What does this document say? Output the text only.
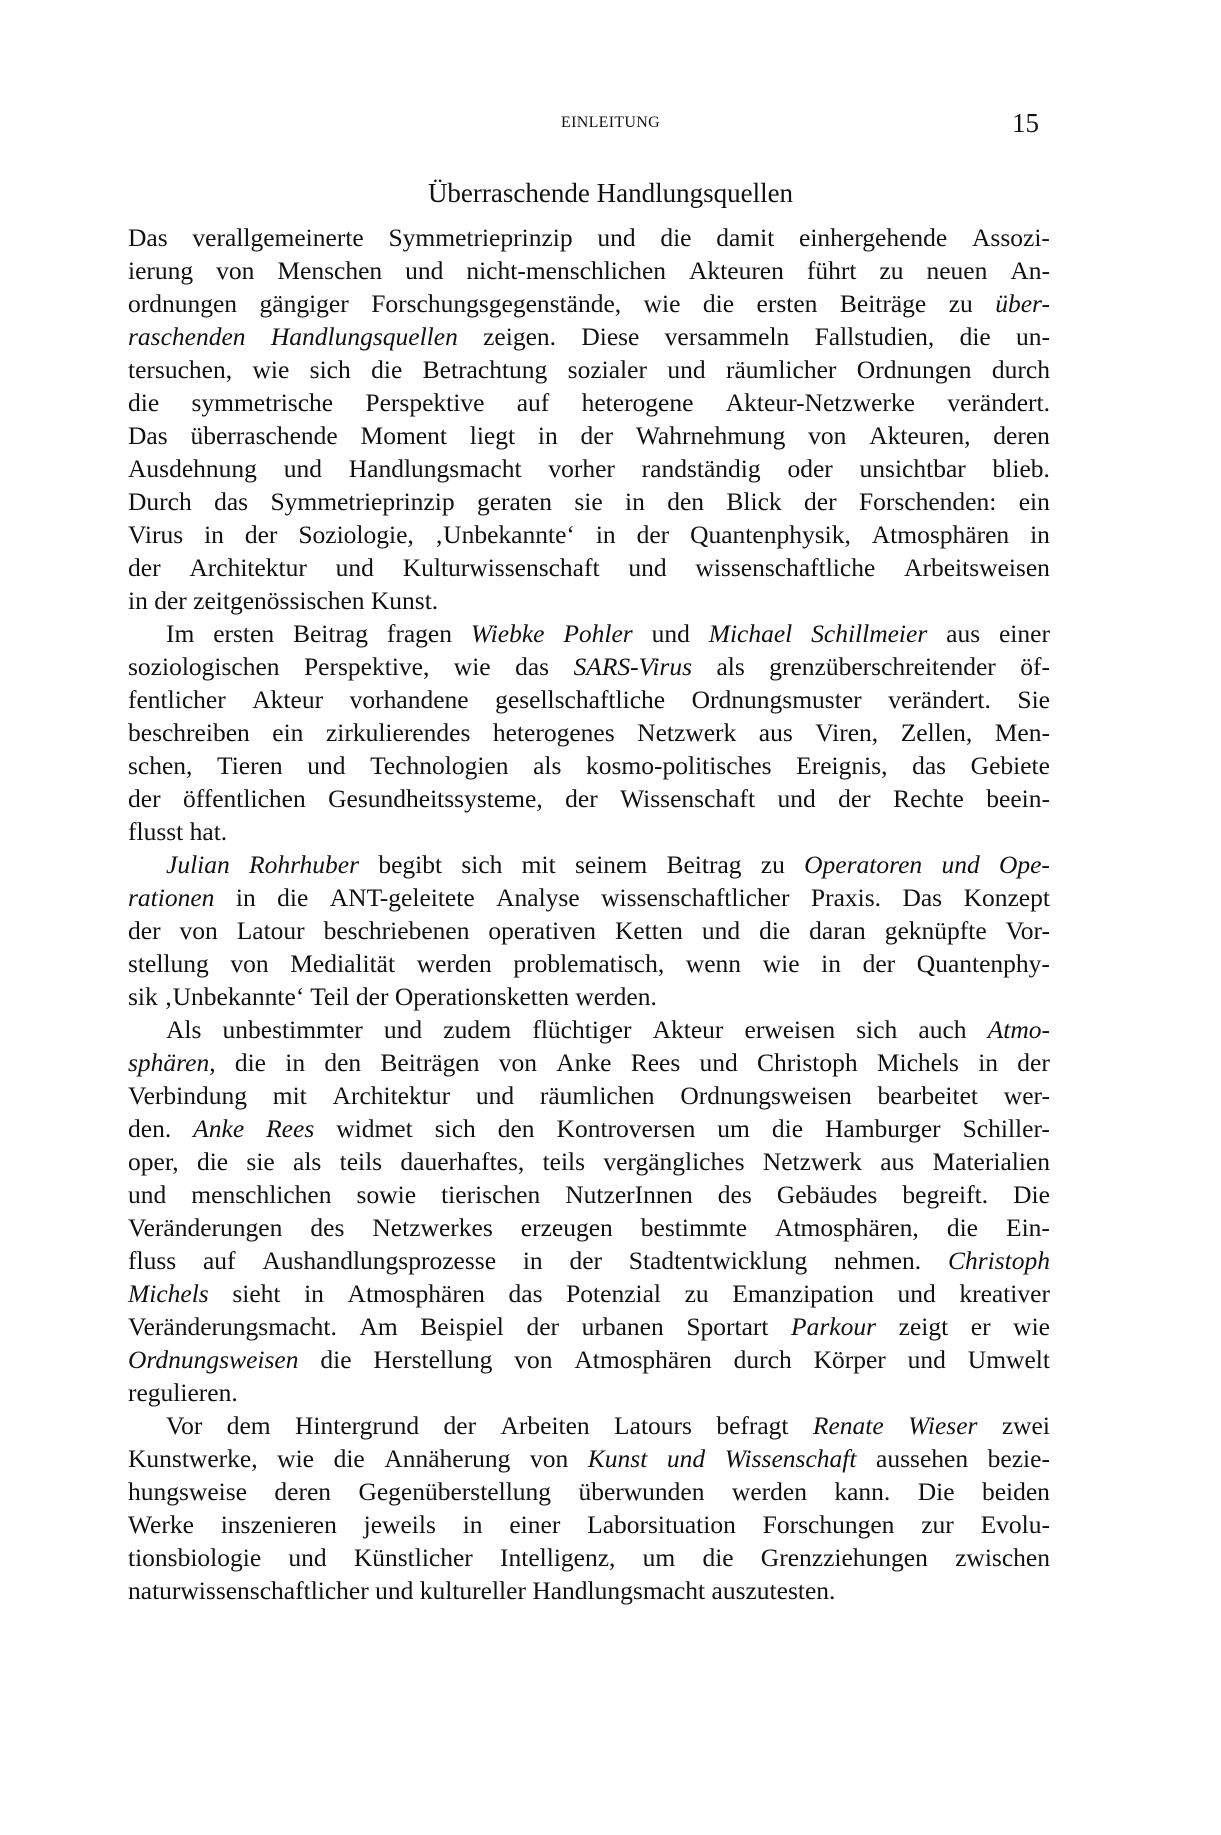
EINLEITUNG	15
Überraschende Handlungsquellen
Das verallgemeinerte Symmetrieprinzip und die damit einhergehende Assozi-
ierung von Menschen und nicht-menschlichen Akteuren führt zu neuen An-
ordnungen gängiger Forschungsgegenstände, wie die ersten Beiträge zu über-
raschenden Handlungsquellen zeigen. Diese versammeln Fallstudien, die un-
tersuchen, wie sich die Betrachtung sozialer und räumlicher Ordnungen durch
die symmetrische Perspektive auf heterogene Akteur-Netzwerke verändert.
Das überraschende Moment liegt in der Wahrnehmung von Akteuren, deren
Ausdehnung und Handlungsmacht vorher randständig oder unsichtbar blieb.
Durch das Symmetrieprinzip geraten sie in den Blick der Forschenden: ein
Virus in der Soziologie, ‚Unbekannte‘ in der Quantenphysik, Atmosphären in
der Architektur und Kulturwissenschaft und wissenschaftliche Arbeitsweisen
in der zeitgenössischen Kunst.
Im ersten Beitrag fragen Wiebke Pohler und Michael Schillmeier aus einer
soziologischen Perspektive, wie das SARS-Virus als grenzüberschreitender öf-
fentlicher Akteur vorhandene gesellschaftliche Ordnungsmuster verändert. Sie
beschreiben ein zirkulierendes heterogenes Netzwerk aus Viren, Zellen, Men-
schen, Tieren und Technologien als kosmo-politisches Ereignis, das Gebiete
der öffentlichen Gesundheitssysteme, der Wissenschaft und der Rechte beein-
flusst hat.
Julian Rohrhuber begibt sich mit seinem Beitrag zu Operatoren und Ope-
rationen in die ANT-geleitete Analyse wissenschaftlicher Praxis. Das Konzept
der von Latour beschriebenen operativen Ketten und die daran geknüpfte Vor-
stellung von Medialität werden problematisch, wenn wie in der Quantenphy-
sik ‚Unbekannte‘ Teil der Operationsketten werden.
Als unbestimmter und zudem flüchtiger Akteur erweisen sich auch Atmo-
sphären, die in den Beiträgen von Anke Rees und Christoph Michels in der
Verbindung mit Architektur und räumlichen Ordnungsweisen bearbeitet wer-
den. Anke Rees widmet sich den Kontroversen um die Hamburger Schiller-
oper, die sie als teils dauerhaftes, teils vergängliches Netzwerk aus Materialien
und menschlichen sowie tierischen NutzerInnen des Gebäudes begreift. Die
Veränderungen des Netzwerkes erzeugen bestimmte Atmosphären, die Ein-
fluss auf Aushandlungsprozesse in der Stadtentwicklung nehmen. Christoph
Michels sieht in Atmosphären das Potenzial zu Emanzipation und kreativer
Veränderungsmacht. Am Beispiel der urbanen Sportart Parkour zeigt er wie
Ordnungsweisen die Herstellung von Atmosphären durch Körper und Umwelt
regulieren.
Vor dem Hintergrund der Arbeiten Latours befragt Renate Wieser zwei
Kunstwerke, wie die Annäherung von Kunst und Wissenschaft aussehen bezie-
hungsweise deren Gegenüberstellung überwunden werden kann. Die beiden
Werke inszenieren jeweils in einer Laborsituation Forschungen zur Evolu-
tionsbiologie und Künstlicher Intelligenz, um die Grenzziehungen zwischen
naturwissenschaftlicher und kultureller Handlungsmacht auszutesten.
